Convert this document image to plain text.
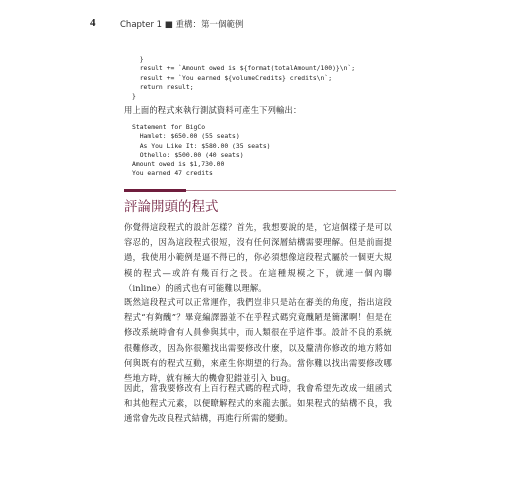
4	Chapter 1 ■ 重構：第一個範例
}
result += `Amount owed is ${format(totalAmount/100)}\n`;
result += `You earned ${volumeCredits} credits\n`;
return result;
}
用上面的程式來執行測試資料可產生下列輸出：
Statement for BigCo
Hamlet: $650.00 (55 seats)
As You Like It: $580.00 (35 seats)
Othello: $500.00 (40 seats)
Amount owed is $1,730.00
You earned 47 credits
評論開頭的程式
你覺得這段程式的設計怎樣？首先，我想要說的是，它這個樣子是可以容忍的，因為這段程式很短，沒有任何深層結構需要理解。但是前面提過，我使用小範例是逼不得已的，你必須想像這段程式屬於一個更大規模的程式—或許有幾百行之長。在這種規模之下，就連一個內聯（inline）的函式也有可能難以理解。
既然這段程式可以正常運作，我們豈非只是站在審美的角度，指出這段程式“有夠醜”？畢竟編譯器並不在乎程式碼究竟醜陋是簡潔啊！但是在修改系統時會有人員參與其中，而人類很在乎這件事。設計不良的系統很難修改，因為你很難找出需要修改什麼，以及釐清你修改的地方將如何與既有的程式互動，來產生你期望的行為。當你難以找出需要修改哪些地方時，就有極大的機會犯錯並引入 bug。
因此，當我要修改有上百行程式碼的程式時，我會希望先改成一組函式和其他程式元素，以便瞭解程式的來龍去脈。如果程式的結構不良，我通常會先改良程式結構，再進行所需的變動。
